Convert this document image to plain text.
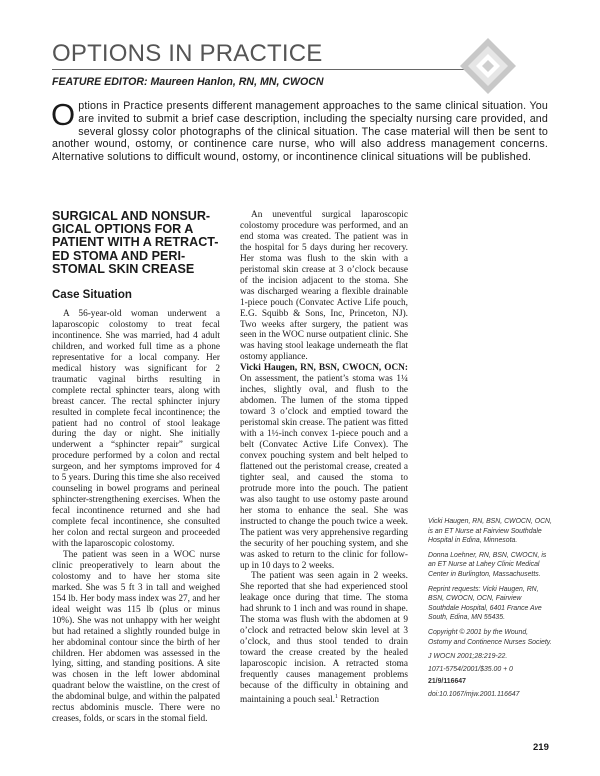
OPTIONS IN PRACTICE
FEATURE EDITOR: Maureen Hanlon, RN, MN, CWOCN
O ptions in Practice presents different management approaches to the same clinical situation. You are invited to submit a brief case description, including the specialty nursing care provided, and several glossy color photographs of the clinical situation. The case material will then be sent to another wound, ostomy, or continence care nurse, who will also address management concerns. Alternative solutions to difficult wound, ostomy, or incontinence clinical situations will be published.
SURGICAL AND NONSUR-
GICAL OPTIONS FOR A
PATIENT WITH A RETRACT-
ED STOMA AND PERI-
STOMAL SKIN CREASE
Case Situation

A 56-year-old woman underwent a laparoscopic colostomy to treat fecal incontinence. She was married, had 4 adult children, and worked full time as a phone representative for a local company. Her medical history was significant for 2 traumatic vaginal births resulting in complete rectal sphincter tears, along with breast cancer. The rectal sphincter injury resulted in complete fecal incontinence; the patient had no control of stool leakage during the day or night. She initially underwent a “sphincter repair” surgical procedure performed by a colon and rectal surgeon, and her symptoms improved for 4 to 5 years. During this time she also received counseling in bowel programs and perineal sphincter-strengthening exercises. When the fecal incontinence returned and she had complete fecal incontinence, she consulted her colon and rectal surgeon and proceeded with the laparoscopic colostomy.

The patient was seen in a WOC nurse clinic preoperatively to learn about the colostomy and to have her stoma site marked. She was 5 ft 3 in tall and weighed 154 lb. Her body mass index was 27, and her ideal weight was 115 lb (plus or minus 10%). She was not unhappy with her weight but had retained a slightly rounded bulge in her abdominal contour since the birth of her children. Her abdomen was assessed in the lying, sitting, and standing positions. A site was chosen in the left lower abdominal quadrant below the waistline, on the crest of the abdominal bulge, and within the palpated rectus abdominis muscle. There were no creases, folds, or scars in the stomal field.

An uneventful surgical laparoscopic colostomy procedure was performed, and an end stoma was created. The patient was in the hospital for 5 days during her recovery. Her stoma was flush to the skin with a peristomal skin crease at 3 o’clock because of the incision adjacent to the stoma. She was discharged wearing a flexible drainable 1-piece pouch (Convatec Active Life pouch, E.G. Squibb & Sons, Inc, Princeton, NJ). Two weeks after surgery, the patient was seen in the WOC nurse outpatient clinic. She was having stool leakage underneath the flat ostomy appliance.

Vicki Haugen, RN, BSN, CWOCN, OCN: On assessment, the patient’s stoma was 1¼ inches, slightly oval, and flush to the abdomen. The lumen of the stoma tipped toward 3 o’clock and emptied toward the peristomal skin crease. The patient was fitted with a 1½-inch convex 1-piece pouch and a belt (Convatec Active Life Convex). The convex pouching system and belt helped to flattened out the peristomal crease, created a tighter seal, and caused the stoma to protrude more into the pouch. The patient was also taught to use ostomy paste around her stoma to enhance the seal. She was instructed to change the pouch twice a week. The patient was very apprehensive regarding the security of her pouching system, and she was asked to return to the clinic for follow-up in 10 days to 2 weeks.

The patient was seen again in 2 weeks. She reported that she had experienced stool leakage once during that time. The stoma had shrunk to 1 inch and was round in shape. The stoma was flush with the abdomen at 9 o’clock and retracted below skin level at 3 o’clock, and thus stool tended to drain toward the crease created by the healed laparoscopic incision. A retracted stoma frequently causes management problems because of the difficulty in obtaining and maintaining a pouch seal.$^1$ Retraction

Vicki Haugen, RN, BSN, CWOCN, OCN, is an ET Nurse at Fairview Southdale Hospital in Edina, Minnesota.
Donna Loehner, RN, BSN, CWOCN, is an ET Nurse at Lahey Clinic Medical Center in Burlington, Massachusetts.
Reprint requests: Vicki Haugen, RN, BSN, CWOCN, OCN, Fairview Southdale Hospital, 6401 France Ave South, Edina, MN 55435.
Copyright © 2001 by the Wound, Ostomy and Continence Nurses Society.
J WOCN 2001;28:219-22.
1071-5754/2001/$35.00 + 0
21/9/116647
doi:10.1067/mjw.2001.116647
219
